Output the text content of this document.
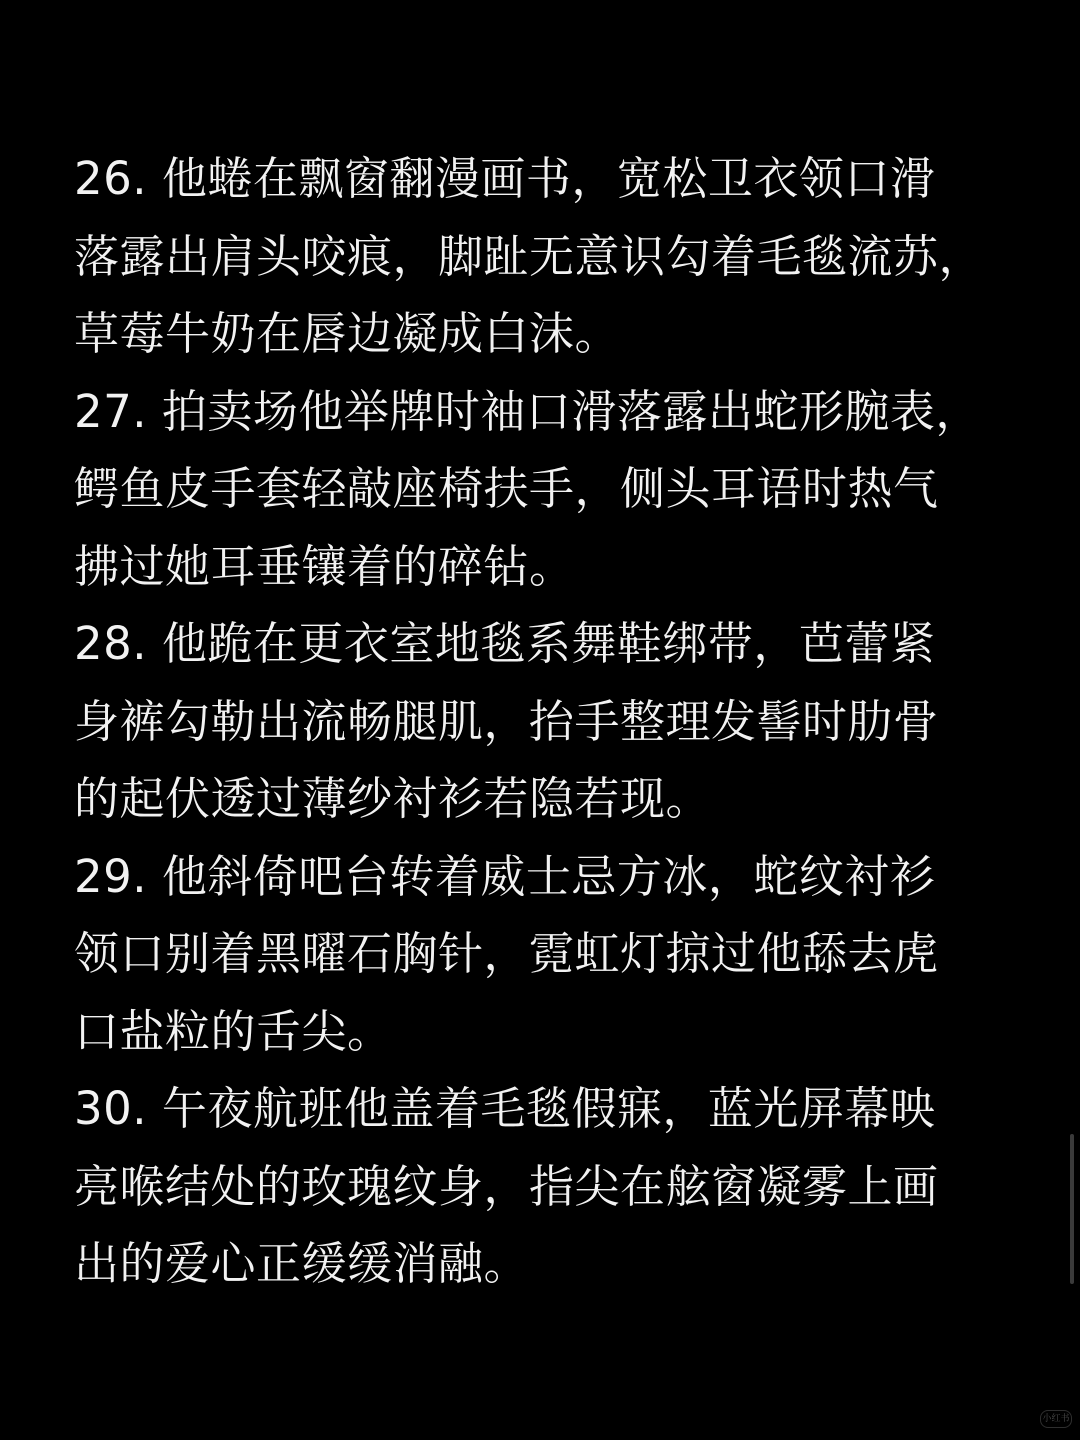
26. 他蜷在飘窗翻漫画书，宽松卫衣领口滑
落露出肩头咬痕，脚趾无意识勾着毛毯流苏，
草莓牛奶在唇边凝成白沫。
27. 拍卖场他举牌时袖口滑落露出蛇形腕表，
鳄鱼皮手套轻敲座椅扶手，侧头耳语时热气
拂过她耳垂镶着的碎钻。
28. 他跪在更衣室地毯系舞鞋绑带，芭蕾紧
身裤勾勒出流畅腿肌，抬手整理发髻时肋骨
的起伏透过薄纱衬衫若隐若现。
29. 他斜倚吧台转着威士忌方冰，蛇纹衬衫
领口别着黑曜石胸针，霓虹灯掠过他舔去虎
口盐粒的舌尖。
30. 午夜航班他盖着毛毯假寐，蓝光屏幕映
亮喉结处的玫瑰纹身，指尖在舷窗凝雾上画
出的爱心正缓缓消融。
小红书
